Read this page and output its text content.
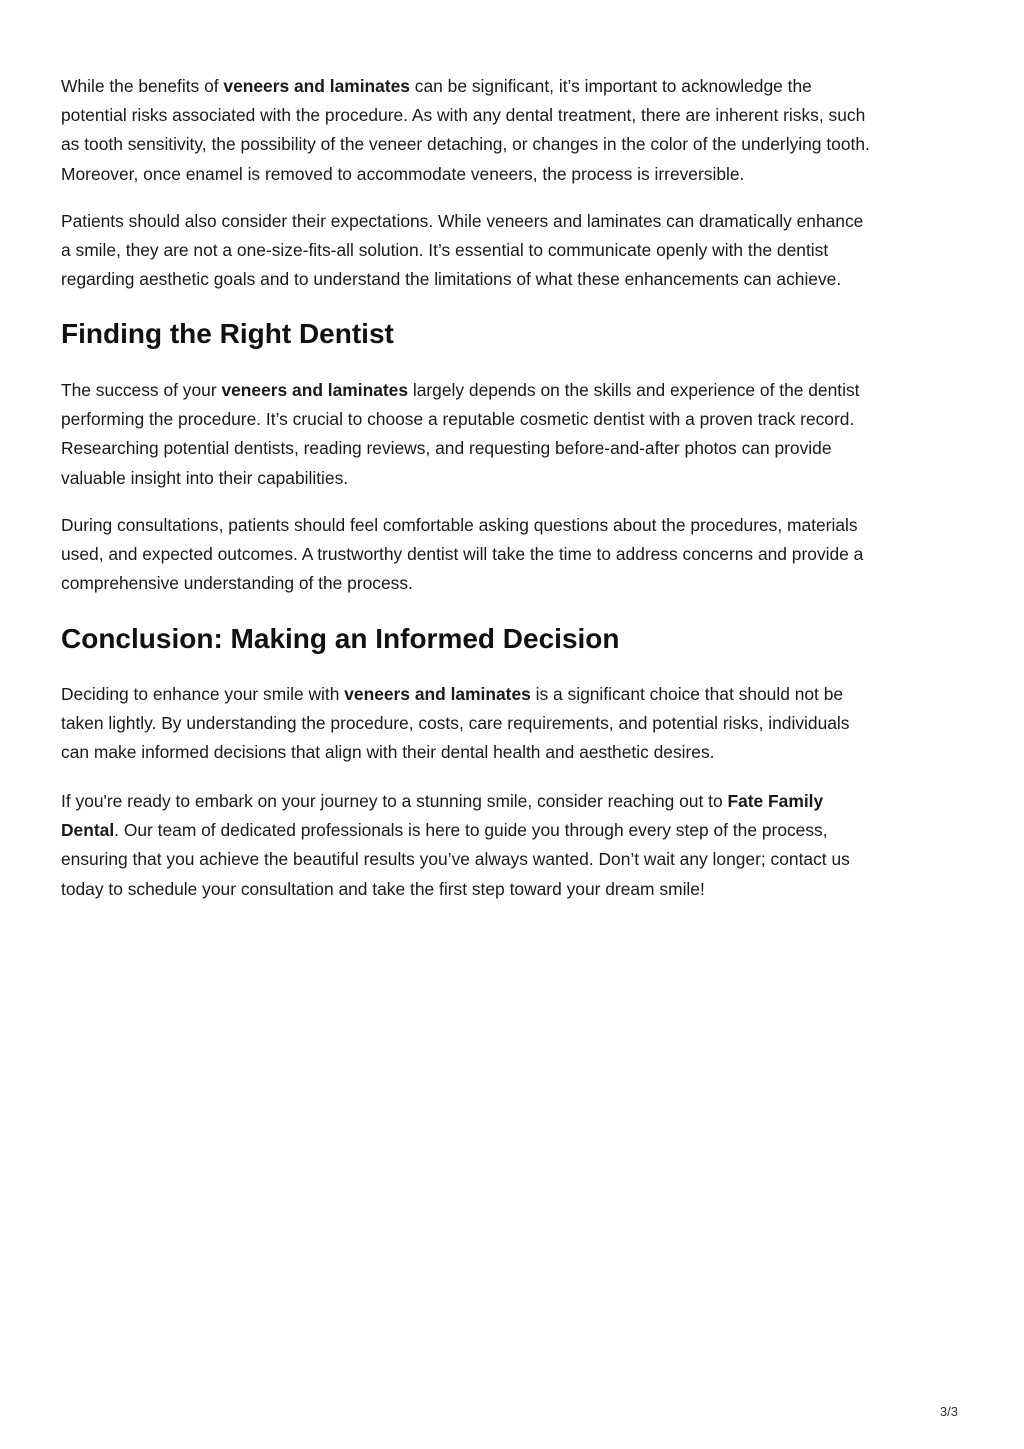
While the benefits of veneers and laminates can be significant, it’s important to acknowledge the

potential risks associated with the procedure. As with any dental treatment, there are inherent risks, such

as tooth sensitivity, the possibility of the veneer detaching, or changes in the color of the underlying tooth.

Moreover, once enamel is removed to accommodate veneers, the process is irreversible.

Patients should also consider their expectations. While veneers and laminates can dramatically enhance

a smile, they are not a one-size-fits-all solution. It’s essential to communicate openly with the dentist

regarding aesthetic goals and to understand the limitations of what these enhancements can achieve.

Finding the Right Dentist

The success of your veneers and laminates largely depends on the skills and experience of the dentist

performing the procedure. It’s crucial to choose a reputable cosmetic dentist with a proven track record.

Researching potential dentists, reading reviews, and requesting before-and-after photos can provide

valuable insight into their capabilities.

During consultations, patients should feel comfortable asking questions about the procedures, materials

used, and expected outcomes. A trustworthy dentist will take the time to address concerns and provide a

comprehensive understanding of the process.

Conclusion: Making an Informed Decision

Deciding to enhance your smile with veneers and laminates is a significant choice that should not be

taken lightly. By understanding the procedure, costs, care requirements, and potential risks, individuals

can make informed decisions that align with their dental health and aesthetic desires.

If you're ready to embark on your journey to a stunning smile, consider reaching out to Fate Family

Dental. Our team of dedicated professionals is here to guide you through every step of the process,

ensuring that you achieve the beautiful results you’ve always wanted. Don’t wait any longer; contact us

today to schedule your consultation and take the first step toward your dream smile!

3/3
